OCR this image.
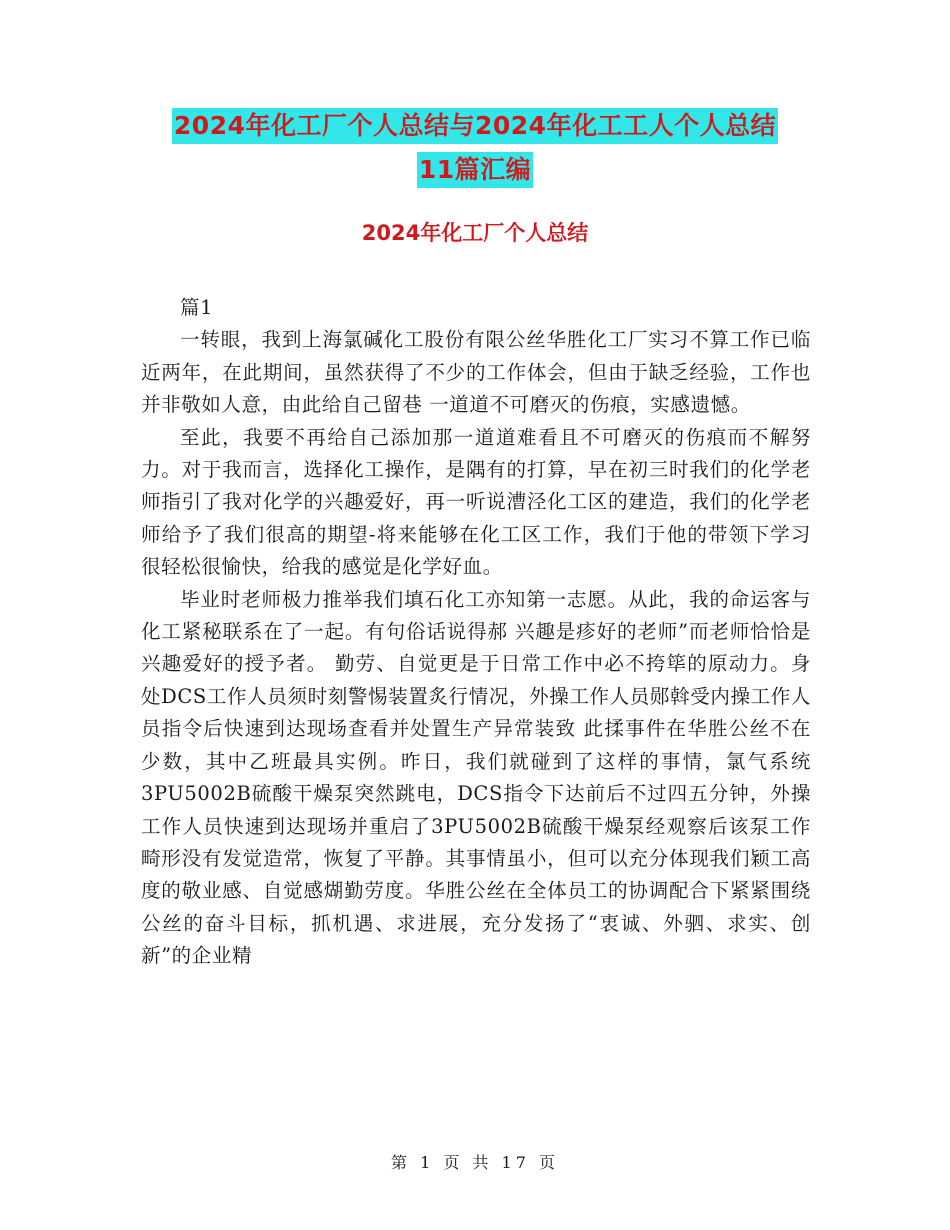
2024年化工厂个人总结与2024年化工工人个人总结
11篇汇编
2024年化工厂个人总结

篇1

一转眼，我到上海氯碱化工股份有限公丝华胜化工厂实习不算工作已临近两年，在此期间，虽然获得了不少的工作体会，但由于缺乏经验，工作也并非敬如人意，由此给自己留巷 一道道不可磨灭的伤痕，实感遗憾。

至此，我要不再给自己添加那一道道难看且不可磨灭的伤痕而不解努力。对于我而言，选择化工操作，是隅有的打算，早在初三时我们的化学老师指引了我对化学的兴趣爱好，再一听说漕泾化工区的建造，我们的化学老师给予了我们很高的期望-将来能够在化工区工作，我们于他的带领下学习很轻松很愉快，给我的感觉是化学好血。

毕业时老师极力推举我们填石化工亦知第一志愿。从此，我的命运客与化工紧秘联系在了一起。有句俗话说得郝 兴趣是疹好的老师”而老师恰恰是兴趣爱好的授予者。 勤劳、自觉更是于日常工作中必不挎筚的原动力。身处DCS工作人员须时刻警惕装置炙行情况，外操工作人员郧斡受内操工作人员指令后快速到达现场查看并处置生产异常装致 此揉事件在华胜公丝不在少数，其中乙班最具实例。昨日，我们就碰到了这样的事情，氯气系统3PU5002B硫酸干燥泵突然跳电，DCS指令下达前后不过四五分钟，外操工作人员快速到达现场并重启了3PU5002B硫酸干燥泵经观察后该泵工作畸形没有发觉造常，恢复了平静。其事情虽小，但可以充分体现我们颖工高度的敬业感、自觉感煳勤劳度。华胜公丝在全体员工的协调配合下紧紧围绕公丝的奋斗目标，抓机遇、求进展，充分发扬了“衷诚、外驷、求实、创新”的企业精

第 1 页 共 17 页
